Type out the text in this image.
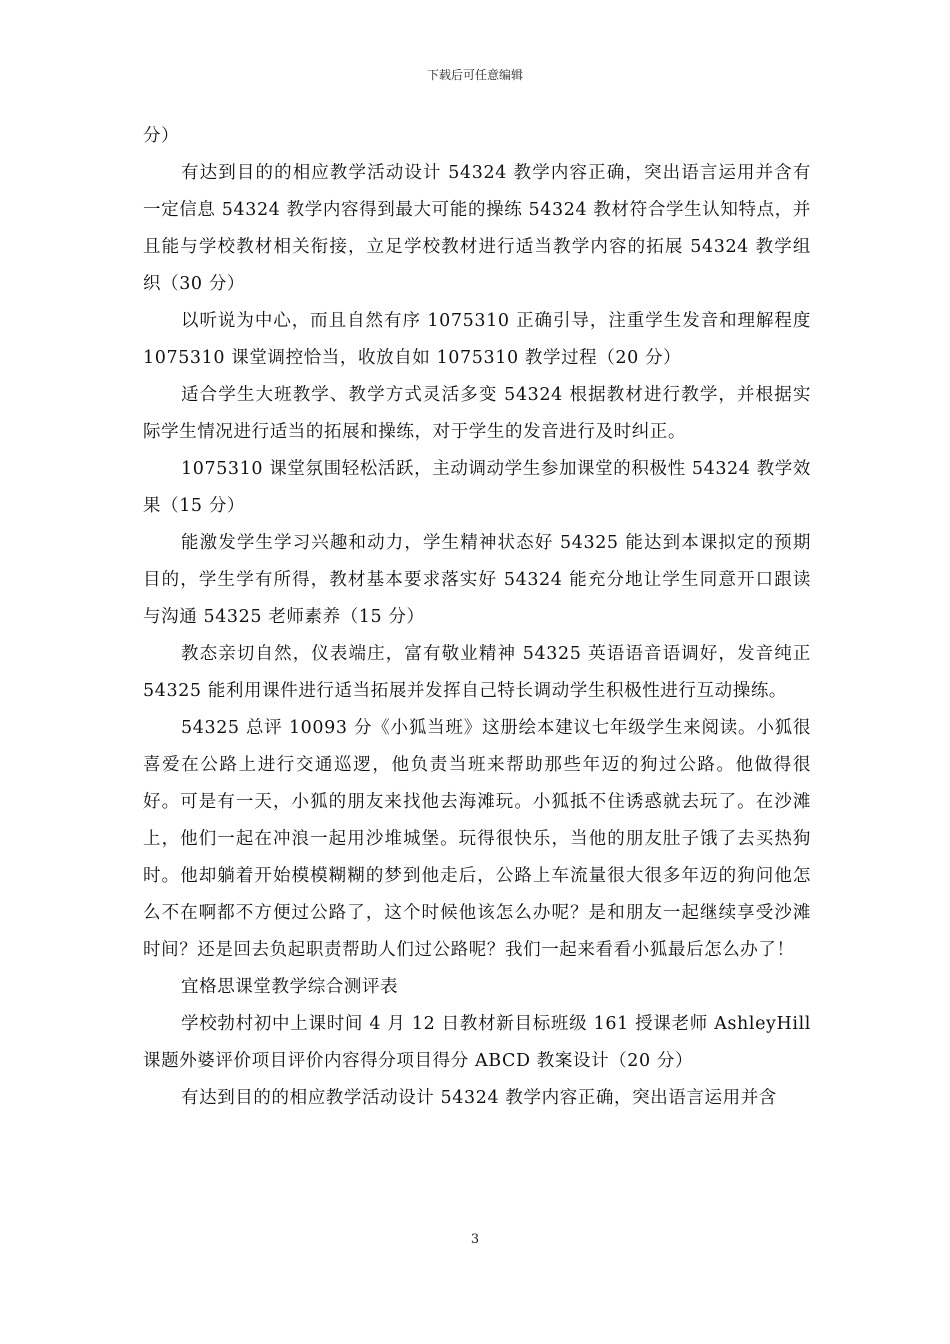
下载后可任意编辑

分）

有达到目的的相应教学活动设计 54324 教学内容正确，突出语言运用并含有一定信息 54324 教学内容得到最大可能的操练 54324 教材符合学生认知特点，并且能与学校教材相关衔接，立足学校教材进行适当教学内容的拓展 54324 教学组织（30 分）

以听说为中心，而且自然有序 1075310 正确引导，注重学生发音和理解程度 1075310 课堂调控恰当，收放自如 1075310 教学过程（20 分）

适合学生大班教学、教学方式灵活多变 54324 根据教材进行教学，并根据实际学生情况进行适当的拓展和操练，对于学生的发音进行及时纠正。

1075310 课堂氛围轻松活跃，主动调动学生参加课堂的积极性 54324 教学效果（15 分）

能激发学生学习兴趣和动力，学生精神状态好 54325 能达到本课拟定的预期目的，学生学有所得，教材基本要求落实好 54324 能充分地让学生同意开口跟读与沟通 54325 老师素养（15 分）

教态亲切自然，仪表端庄，富有敬业精神 54325 英语语音语调好，发音纯正 54325 能利用课件进行适当拓展并发挥自己特长调动学生积极性进行互动操练。

54325 总评 10093 分《小狐当班》这册绘本建议七年级学生来阅读。小狐很喜爱在公路上进行交通巡逻，他负责当班来帮助那些年迈的狗过公路。他做得很好。可是有一天，小狐的朋友来找他去海滩玩。小狐抵不住诱惑就去玩了。在沙滩上，他们一起在冲浪一起用沙堆城堡。玩得很快乐，当他的朋友肚子饿了去买热狗时。他却躺着开始模模糊糊的梦到他走后，公路上车流量很大很多年迈的狗问他怎么不在啊都不方便过公路了，这个时候他该怎么办呢？是和朋友一起继续享受沙滩时间？还是回去负起职责帮助人们过公路呢？我们一起来看看小狐最后怎么办了！

宜格思课堂教学综合测评表

学校勃村初中上课时间 4 月 12 日教材新目标班级 161 授课老师 AshleyHill 课题外婆评价项目评价内容得分项目得分 ABCD 教案设计（20 分）

有达到目的的相应教学活动设计 54324 教学内容正确，突出语言运用并含

3
